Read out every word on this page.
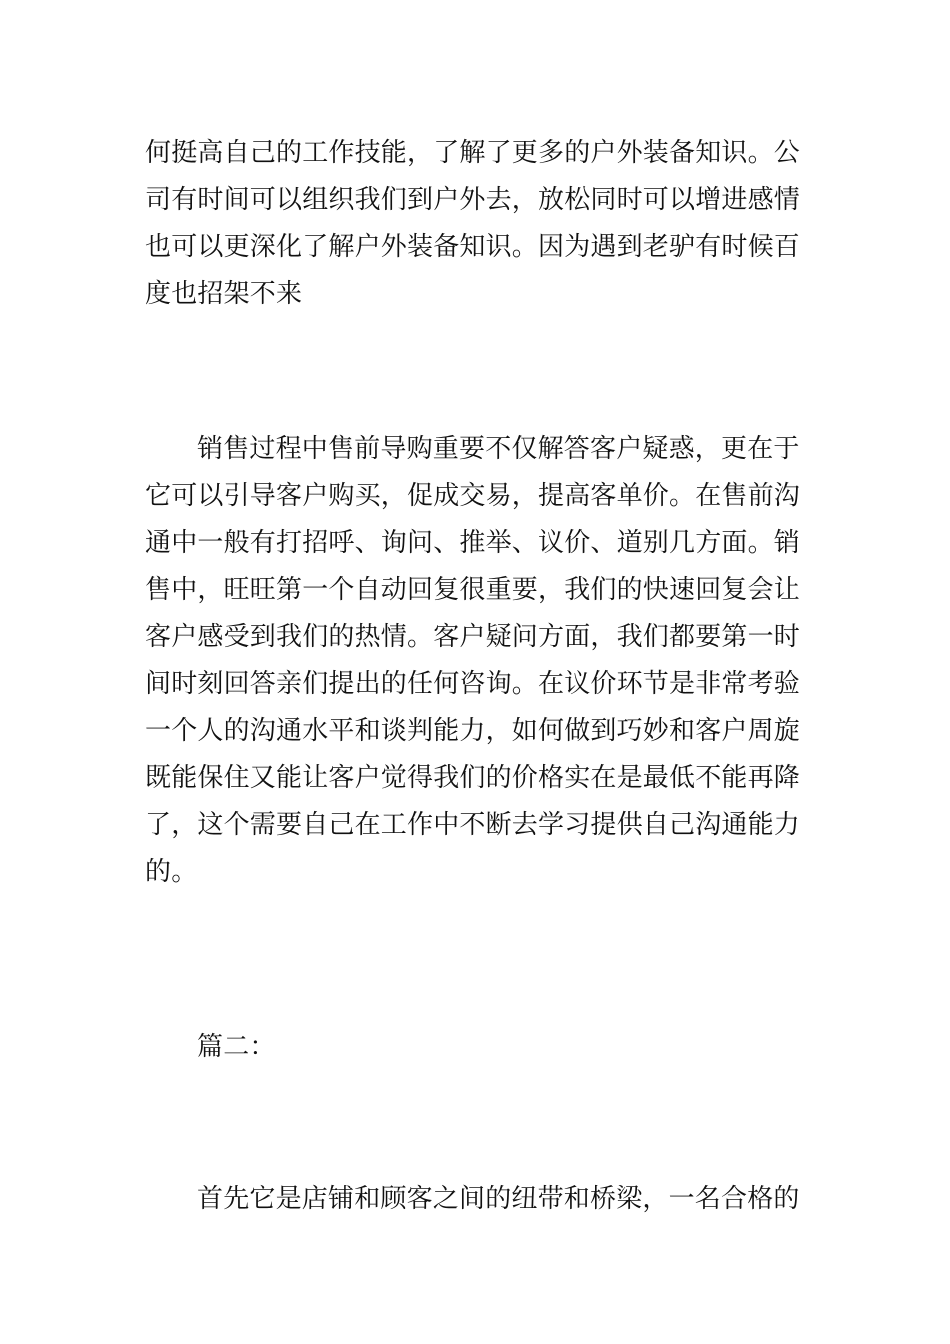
何挺高自己的工作技能，了解了更多的户外装备知识。公
司有时间可以组织我们到户外去，放松同时可以增进感情
也可以更深化了解户外装备知识。因为遇到老驴有时候百
度也招架不来
销售过程中售前导购重要不仅解答客户疑惑，更在于
它可以引导客户购买，促成交易，提高客单价。在售前沟
通中一般有打招呼、询问、推举、议价、道别几方面。销
售中，旺旺第一个自动回复很重要，我们的快速回复会让
客户感受到我们的热情。客户疑问方面，我们都要第一时
间时刻回答亲们提出的任何咨询。在议价环节是非常考验
一个人的沟通水平和谈判能力，如何做到巧妙和客户周旋
既能保住又能让客户觉得我们的价格实在是最低不能再降
了，这个需要自己在工作中不断去学习提供自己沟通能力
的。
篇二：
首先它是店铺和顾客之间的纽带和桥梁，一名合格的
